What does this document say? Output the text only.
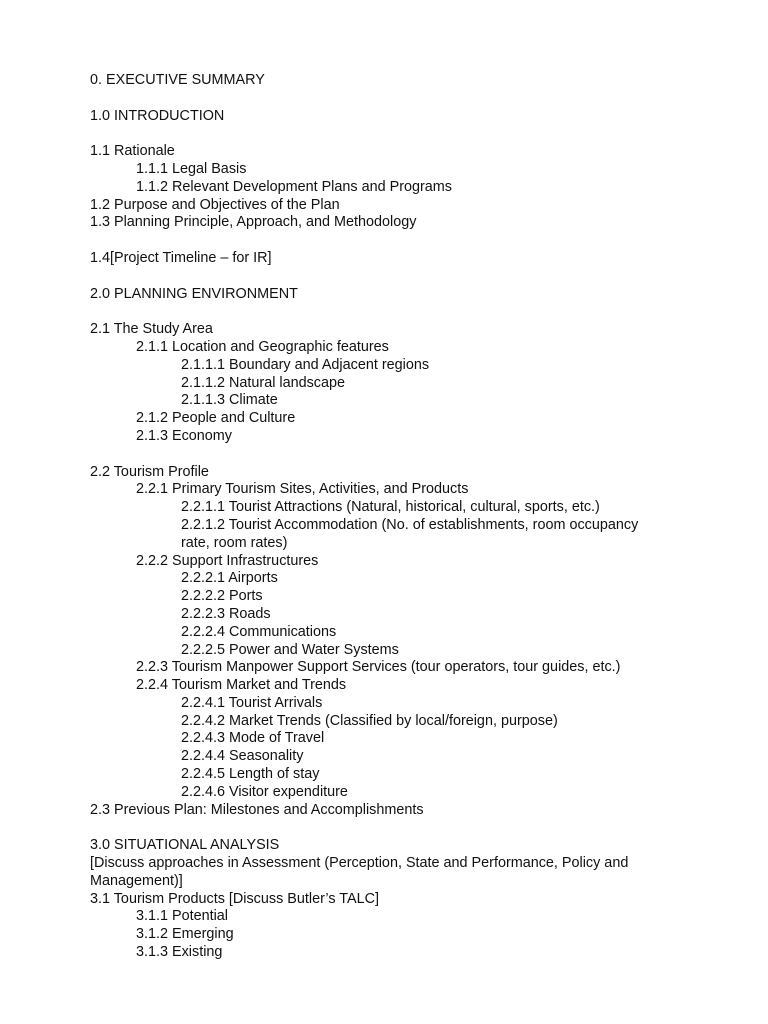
0. EXECUTIVE SUMMARY
1.0 INTRODUCTION
1.1 Rationale
1.1.1 Legal Basis
1.1.2 Relevant Development Plans and Programs
1.2 Purpose and Objectives of the Plan
1.3 Planning Principle, Approach, and Methodology
1.4[Project Timeline – for IR]
2.0 PLANNING ENVIRONMENT
2.1 The Study Area
2.1.1 Location and Geographic features
2.1.1.1 Boundary and Adjacent regions
2.1.1.2 Natural landscape
2.1.1.3 Climate
2.1.2 People and Culture
2.1.3 Economy
2.2 Tourism Profile
2.2.1 Primary Tourism Sites, Activities, and Products
2.2.1.1 Tourist Attractions (Natural, historical, cultural, sports, etc.)
2.2.1.2 Tourist Accommodation (No. of establishments, room occupancy
rate, room rates)
2.2.2 Support Infrastructures
2.2.2.1 Airports
2.2.2.2 Ports
2.2.2.3 Roads
2.2.2.4 Communications
2.2.2.5 Power and Water Systems
2.2.3 Tourism Manpower Support Services (tour operators, tour guides, etc.)
2.2.4 Tourism Market and Trends
2.2.4.1 Tourist Arrivals
2.2.4.2 Market Trends (Classified by local/foreign, purpose)
2.2.4.3 Mode of Travel
2.2.4.4 Seasonality
2.2.4.5 Length of stay
2.2.4.6 Visitor expenditure
2.3 Previous Plan: Milestones and Accomplishments
3.0 SITUATIONAL ANALYSIS
[Discuss approaches in Assessment (Perception, State and Performance, Policy and
Management)]
3.1 Tourism Products [Discuss Butler’s TALC]
3.1.1 Potential
3.1.2 Emerging
3.1.3 Existing
